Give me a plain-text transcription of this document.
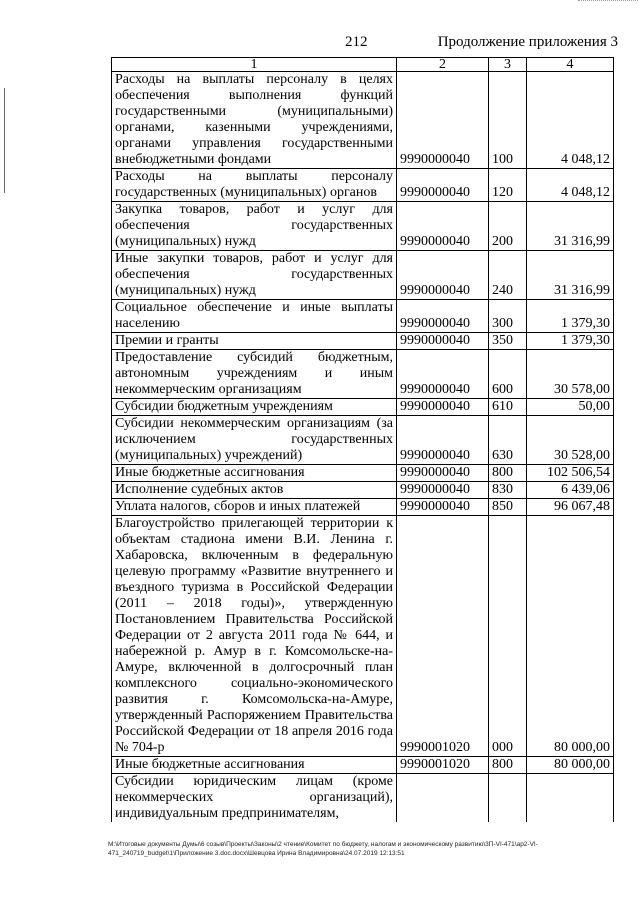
212	Продолжение приложения 3
1	2	3	4
Расходы на выплаты персоналу в целях обеспечения выполнения функций государственными (муниципальными) органами, казенными учреждениями, органами управления государственными внебюджетными фондами	9990000040	100	4 048,12
Расходы на выплаты персоналу государственных (муниципальных) органов	9990000040	120	4 048,12
Закупка товаров, работ и услуг для обеспечения государственных (муниципальных) нужд	9990000040	200	31 316,99
Иные закупки товаров, работ и услуг для обеспечения государственных (муниципальных) нужд	9990000040	240	31 316,99
Социальное обеспечение и иные выплаты населению	9990000040	300	1 379,30
Премии и гранты	9990000040	350	1 379,30
Предоставление субсидий бюджетным, автономным учреждениям и иным некоммерческим организациям	9990000040	600	30 578,00
Субсидии бюджетным учреждениям	9990000040	610	50,00
Субсидии некоммерческим организациям (за исключением государственных (муниципальных) учреждений)	9990000040	630	30 528,00
Иные бюджетные ассигнования	9990000040	800	102 506,54
Исполнение судебных актов	9990000040	830	6 439,06
Уплата налогов, сборов и иных платежей	9990000040	850	96 067,48
Благоустройство прилегающей территории к объектам стадиона имени В.И. Ленина г. Хабаровска, включенным в федеральную целевую программу «Развитие внутреннего и въездного туризма в Российской Федерации (2011 – 2018 годы)», утвержденную Постановлением Правительства Российской Федерации от 2 августа 2011 года № 644, и набережной р. Амур в г. Комсомольске-на-Амуре, включенной в долгосрочный план комплексного социально-экономического развития г. Комсомольска-на-Амуре, утвержденный Распоряжением Правительства Российской Федерации от 18 апреля 2016 года № 704-р	9990001020	000	80 000,00
Иные бюджетные ассигнования	9990001020	800	80 000,00
Субсидии юридическим лицам (кроме некоммерческих организаций), индивидуальным предпринимателям,			
М:\Итоговые документы Думы\6 созыв\Проекты\Законы\2 чтение\Комитет по бюджету, налогам и экономическому развитию\3П-VI-471\ap2-VI-471_240719_budget\1\Приложение 3.doc.docx\Шевцова Ирина Владимировна\24.07.2019 12:13:51
